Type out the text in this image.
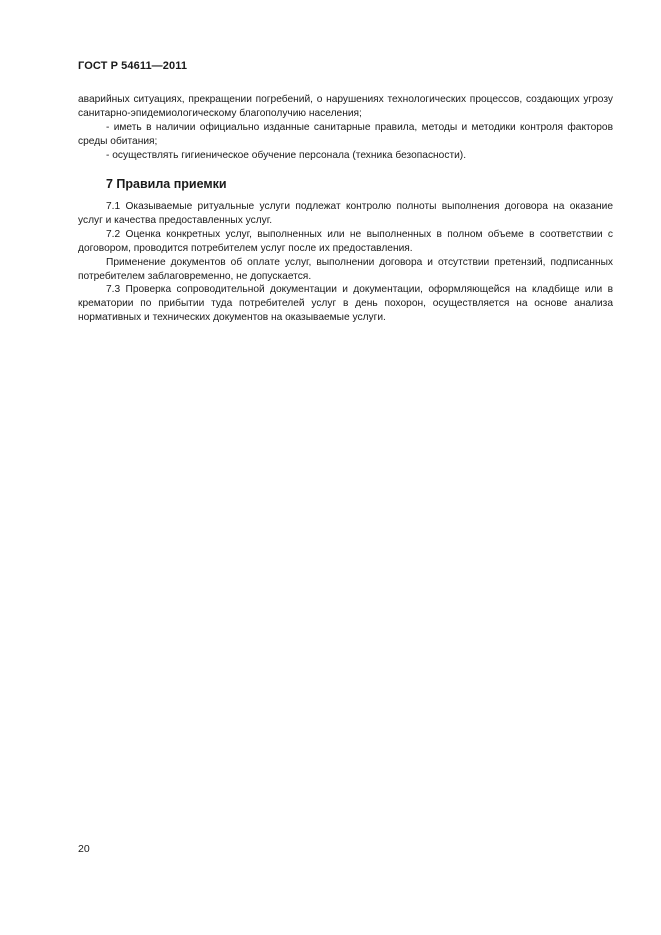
ГОСТ Р 54611—2011

аварийных ситуациях, прекращении погребений, о нарушениях технологических процессов, создающих угрозу санитарно-эпидемиологическому благополучию населения;

- иметь в наличии официально изданные санитарные правила, методы и методики контроля факторов среды обитания;

- осуществлять гигиеническое обучение персонала (техника безопасности).

7 Правила приемки

7.1 Оказываемые ритуальные услуги подлежат контролю полноты выполнения договора на оказание услуг и качества предоставленных услуг.

7.2 Оценка конкретных услуг, выполненных или не выполненных в полном объеме в соответствии с договором, проводится потребителем услуг после их предоставления.

Применение документов об оплате услуг, выполнении договора и отсутствии претензий, подписанных потребителем заблаговременно, не допускается.

7.3 Проверка сопроводительной документации и документации, оформляющейся на кладбище или в крематории по прибытии туда потребителей услуг в день похорон, осуществляется на основе анализа нормативных и технических документов на оказываемые услуги.

20
